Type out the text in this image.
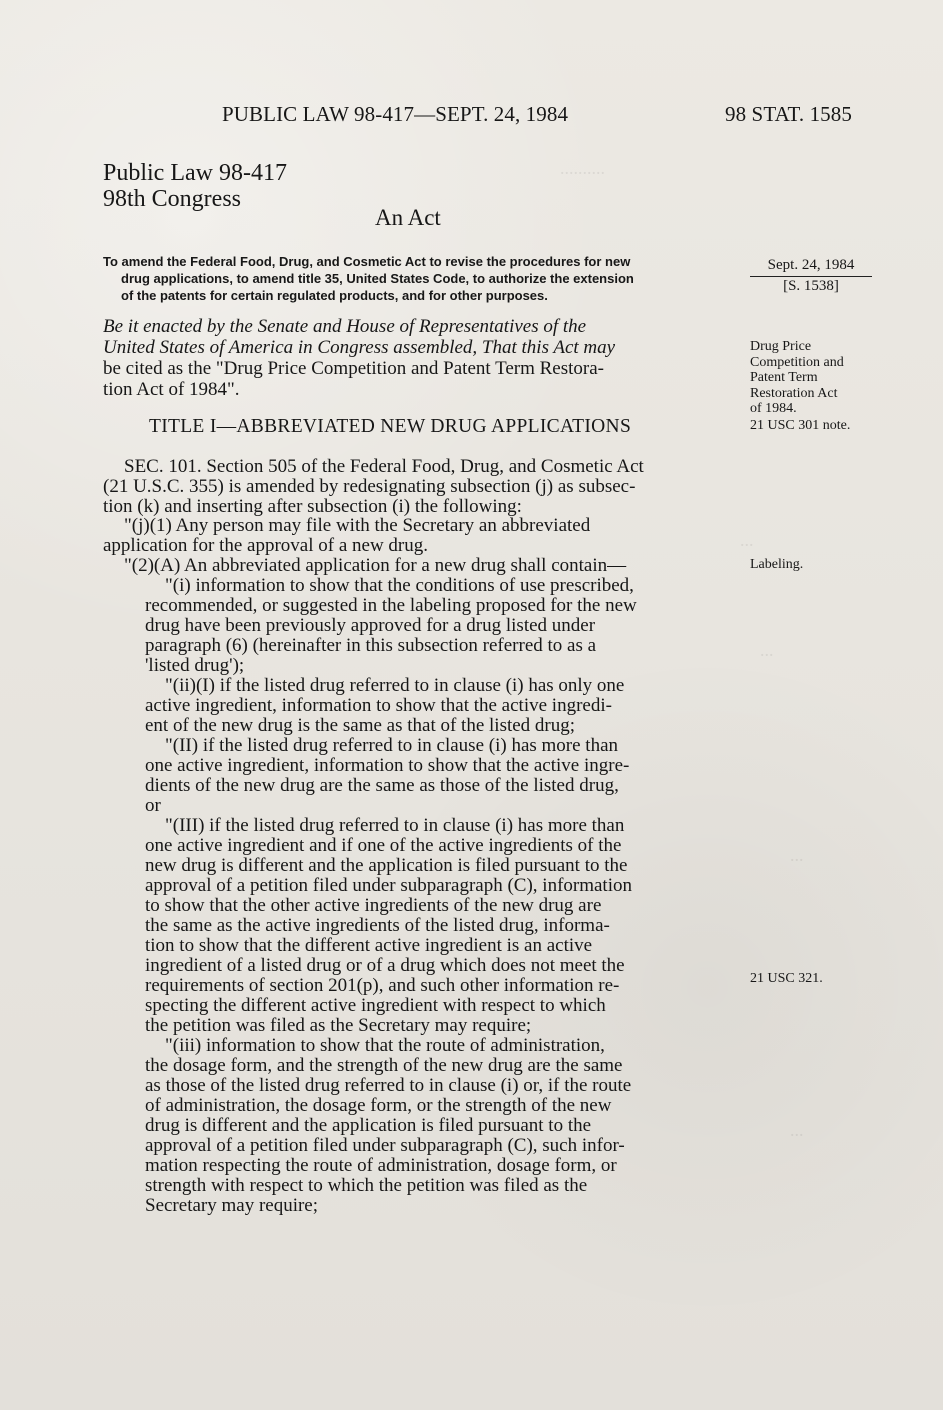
..........
...
...
...
...
PUBLIC LAW 98-417—SEPT. 24, 1984	98 STAT. 1585
Public Law 98-417
98th Congress
An Act
To amend the Federal Food, Drug, and Cosmetic Act to revise the procedures for new
drug applications, to amend title 35, United States Code, to authorize the extension
of the patents for certain regulated products, and for other purposes.
Sept. 24, 1984
[S. 1538]
Be it enacted by the Senate and House of Representatives of the
United States of America in Congress assembled, That this Act may
be cited as the "Drug Price Competition and Patent Term Restora-
tion Act of 1984".
Drug Price
Competition and
Patent Term
Restoration Act
of 1984.
TITLE I—ABBREVIATED NEW DRUG APPLICATIONS	21 USC 301 note.
SEC. 101. Section 505 of the Federal Food, Drug, and Cosmetic Act
(21 U.S.C. 355) is amended by redesignating subsection (j) as subsec-
tion (k) and inserting after subsection (i) the following:
"(j)(1) Any person may file with the Secretary an abbreviated
application for the approval of a new drug.
"(2)(A) An abbreviated application for a new drug shall contain—
"(i) information to show that the conditions of use prescribed,
recommended, or suggested in the labeling proposed for the new
drug have been previously approved for a drug listed under
paragraph (6) (hereinafter in this subsection referred to as a
'listed drug');
"(ii)(I) if the listed drug referred to in clause (i) has only one
active ingredient, information to show that the active ingredi-
ent of the new drug is the same as that of the listed drug;
"(II) if the listed drug referred to in clause (i) has more than
one active ingredient, information to show that the active ingre-
dients of the new drug are the same as those of the listed drug,
or
"(III) if the listed drug referred to in clause (i) has more than
one active ingredient and if one of the active ingredients of the
new drug is different and the application is filed pursuant to the
approval of a petition filed under subparagraph (C), information
to show that the other active ingredients of the new drug are
the same as the active ingredients of the listed drug, informa-
tion to show that the different active ingredient is an active
ingredient of a listed drug or of a drug which does not meet the
requirements of section 201(p), and such other information re-
specting the different active ingredient with respect to which
the petition was filed as the Secretary may require;
"(iii) information to show that the route of administration,
the dosage form, and the strength of the new drug are the same
as those of the listed drug referred to in clause (i) or, if the route
of administration, the dosage form, or the strength of the new
drug is different and the application is filed pursuant to the
approval of a petition filed under subparagraph (C), such infor-
mation respecting the route of administration, dosage form, or
strength with respect to which the petition was filed as the
Secretary may require;
Labeling.
21 USC 321.
